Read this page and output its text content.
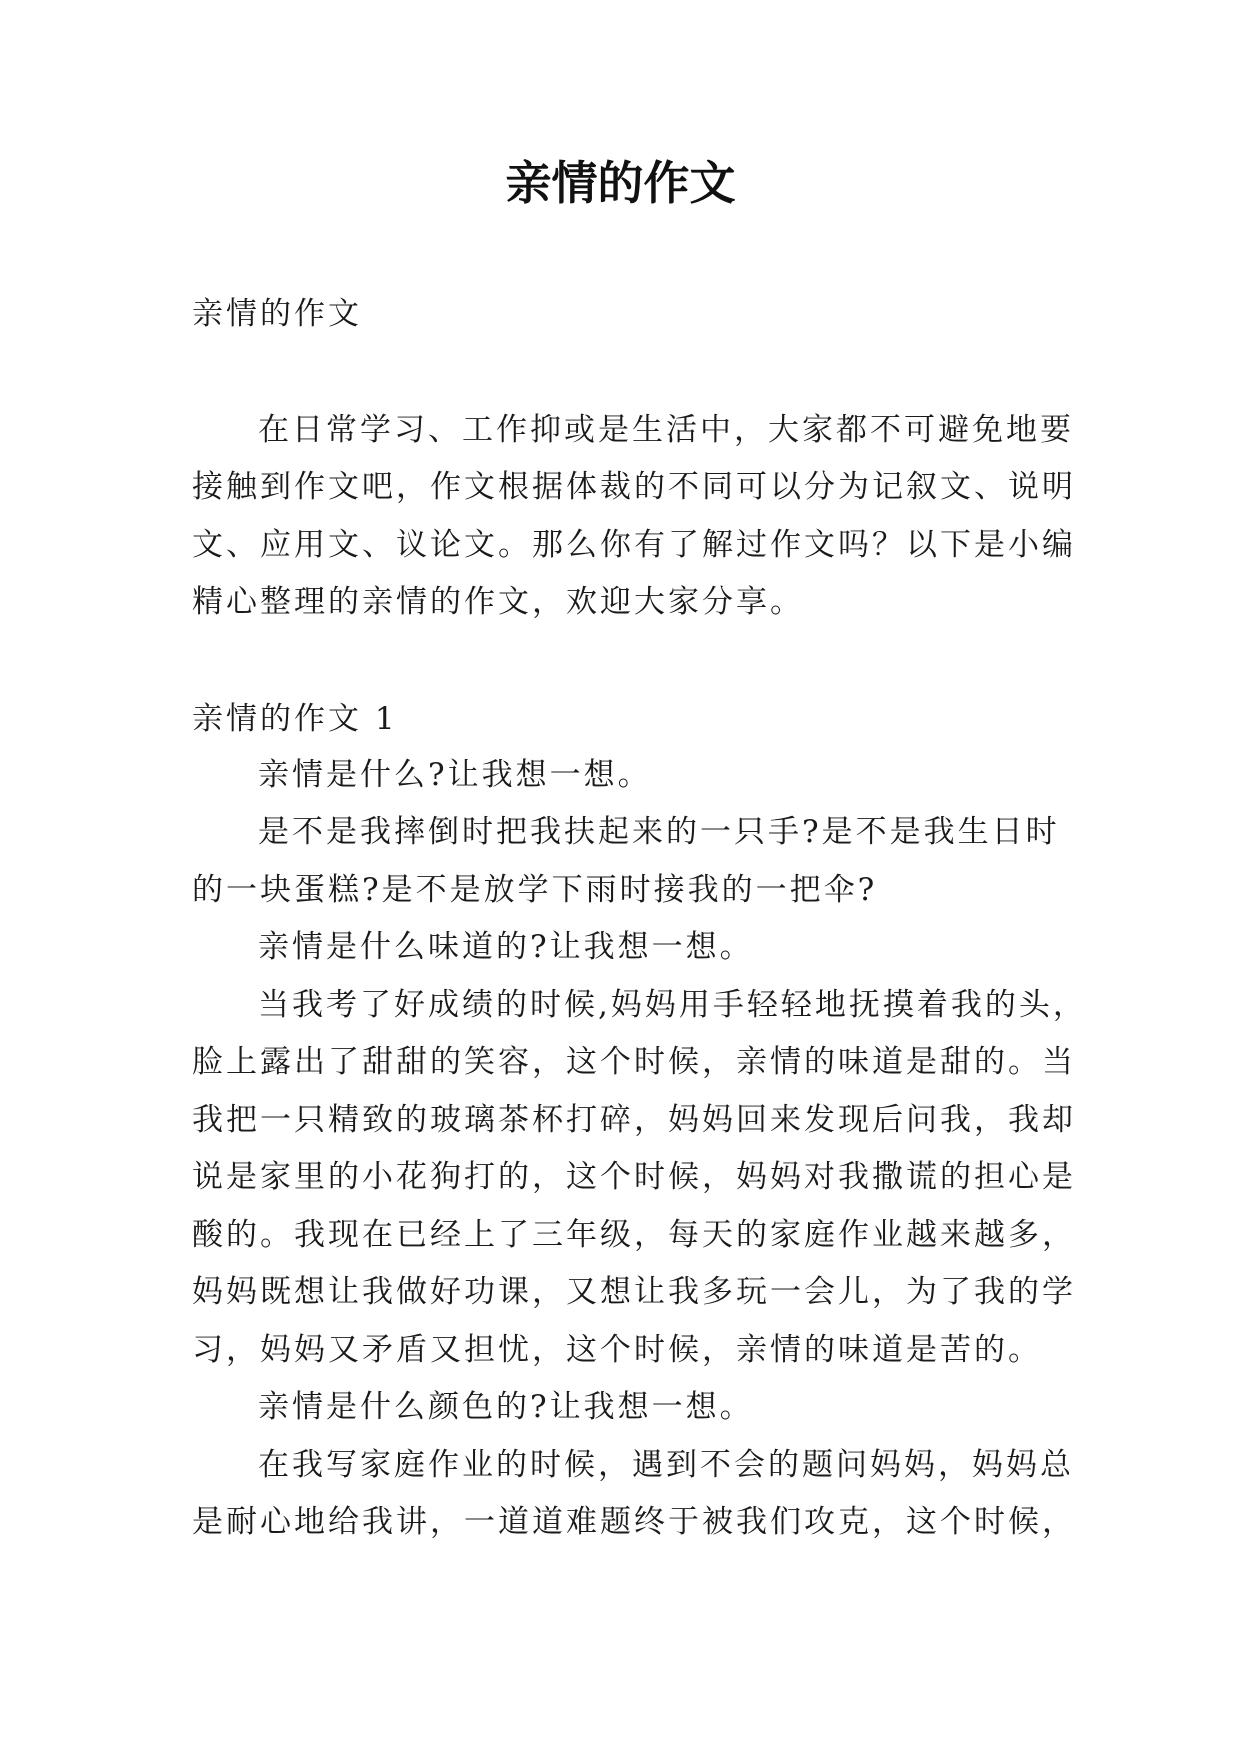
亲情的作文

亲情的作文

在日常学习、工作抑或是生活中，大家都不可避免地要

接触到作文吧，作文根据体裁的不同可以分为记叙文、说明

文、应用文、议论文。那么你有了解过作文吗？以下是小编

精心整理的亲情的作文，欢迎大家分享。

亲情的作文 1

亲情是什么?让我想一想。

是不是我摔倒时把我扶起来的一只手?是不是我生日时

的一块蛋糕?是不是放学下雨时接我的一把伞?

亲情是什么味道的?让我想一想。

当我考了好成绩的时候,妈妈用手轻轻地抚摸着我的头，

脸上露出了甜甜的笑容，这个时候，亲情的味道是甜的。当

我把一只精致的玻璃茶杯打碎，妈妈回来发现后问我，我却

说是家里的小花狗打的，这个时候，妈妈对我撒谎的担心是

酸的。我现在已经上了三年级，每天的家庭作业越来越多，

妈妈既想让我做好功课，又想让我多玩一会儿，为了我的学

习，妈妈又矛盾又担忧，这个时候，亲情的味道是苦的。

亲情是什么颜色的?让我想一想。

在我写家庭作业的时候，遇到不会的题问妈妈，妈妈总

是耐心地给我讲，一道道难题终于被我们攻克，这个时候，
